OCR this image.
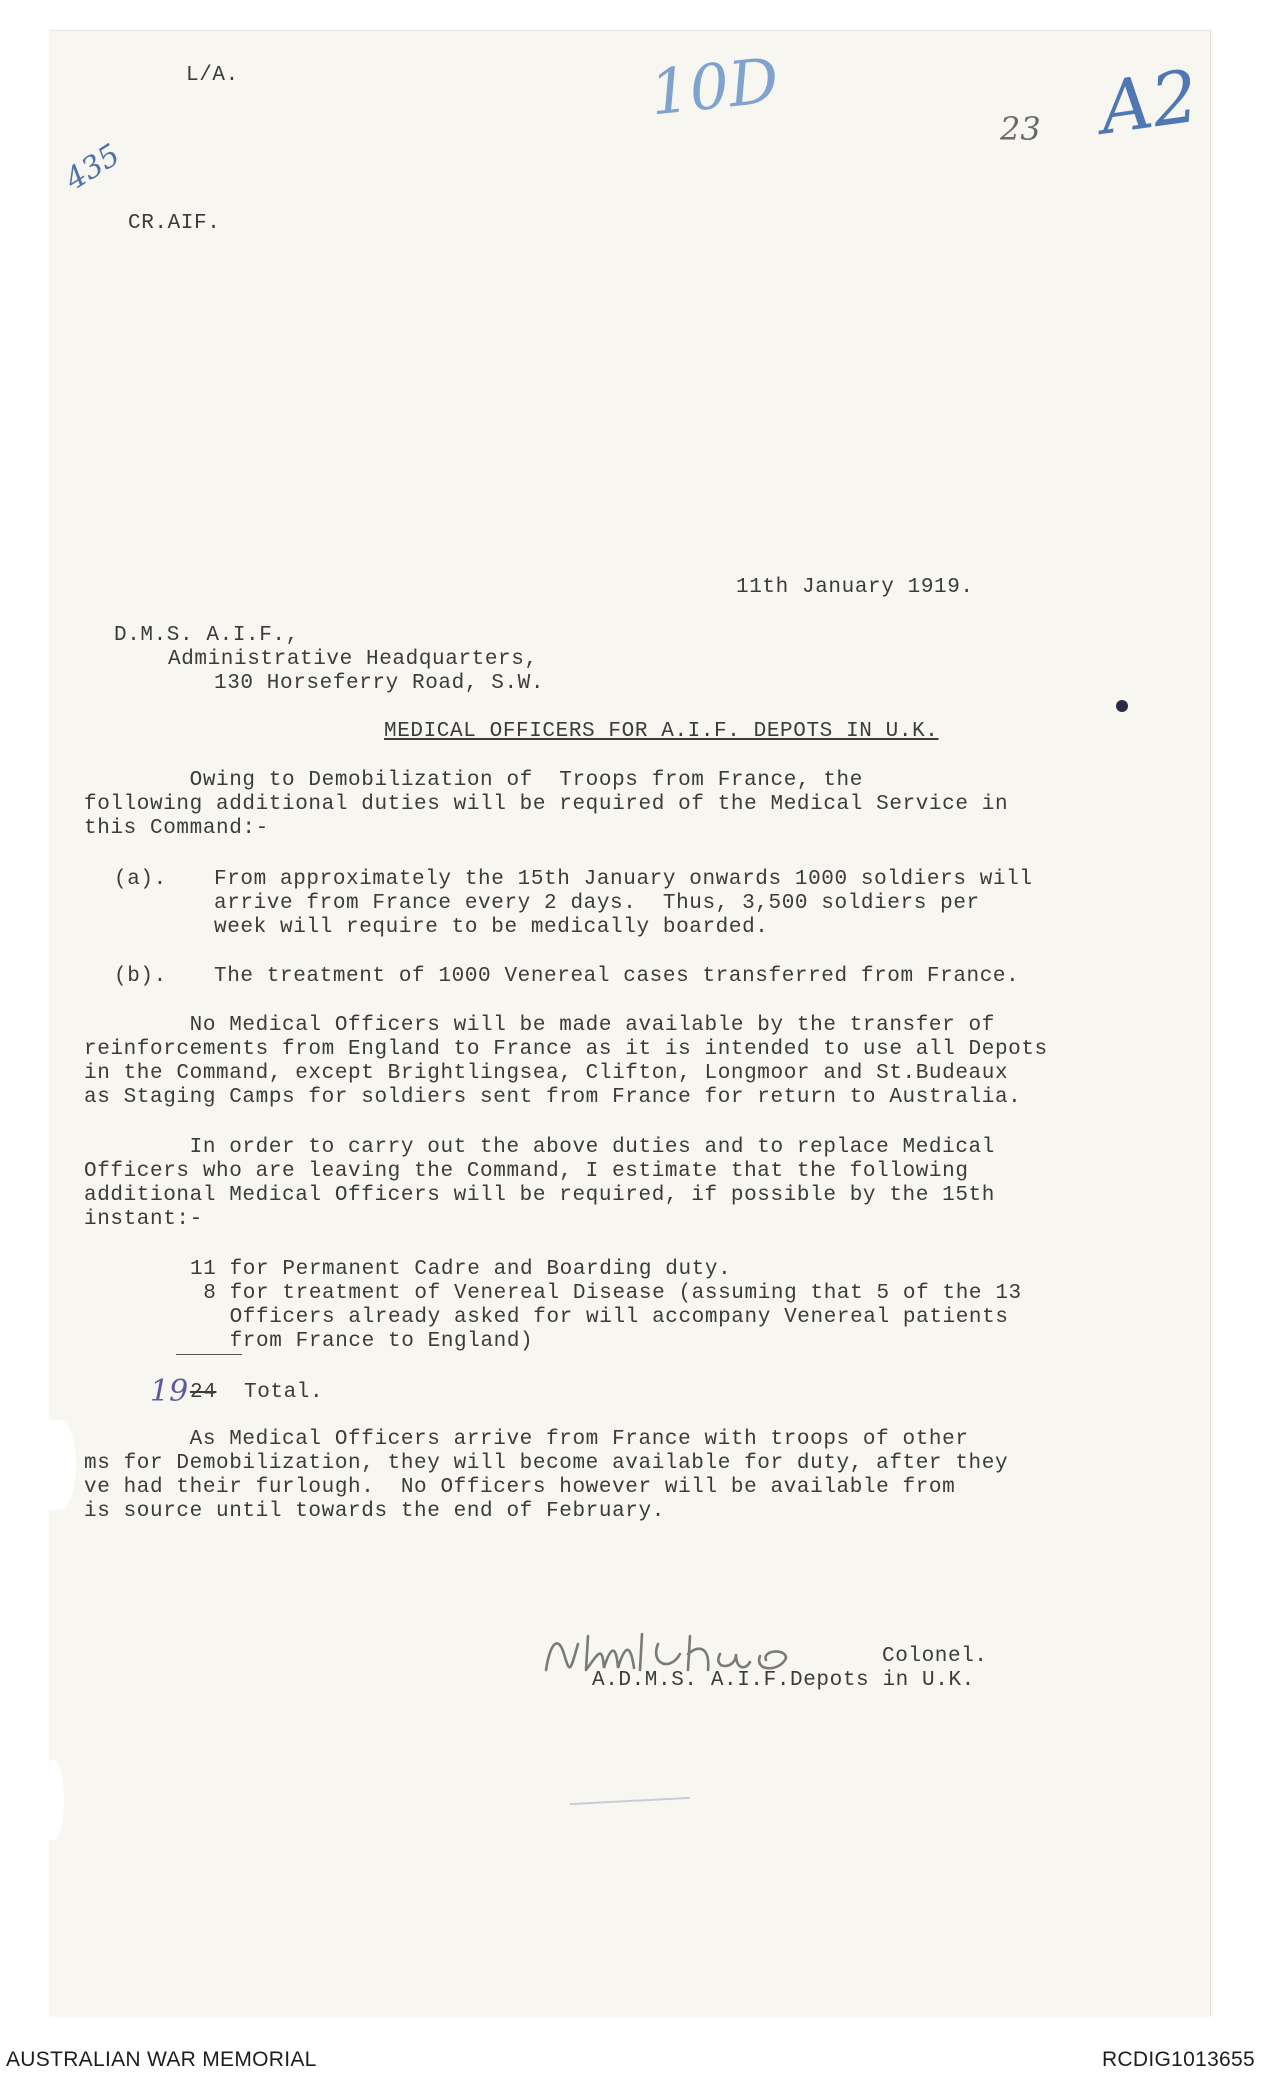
L/A.
435
10D	23 A2
CR.AIF.
11th January 1919.
D.M.S. A.I.F.,
Administrative Headquarters,
130 Horseferry Road, S.W.
MEDICAL OFFICERS FOR A.I.F. DEPOTS IN U.K.
Owing to Demobilization of  Troops from France, the
following additional duties will be required of the Medical Service in
this Command:-
(a). From approximately the 15th January onwards 1000 soldiers will
arrive from France every 2 days.  Thus, 3,500 soldiers per
week will require to be medically boarded.
(b). The treatment of 1000 Venereal cases transferred from France.
No Medical Officers will be made available by the transfer of
reinforcements from England to France as it is intended to use all Depots
in the Command, except Brightlingsea, Clifton, Longmoor and St.Budeaux
as Staging Camps for soldiers sent from France for return to Australia.
In order to carry out the above duties and to replace Medical
Officers who are leaving the Command, I estimate that the following
additional Medical Officers will be required, if possible by the 15th
instant:-
11 for Permanent Cadre and Boarding duty.
8 for treatment of Venereal Disease (assuming that 5 of the 13
Officers already asked for will accompany Venereal patients
from France to England)
19 24 Total.
As Medical Officers arrive from France with troops of other
ms for Demobilization, they will become available for duty, after they
ve had their furlough.  No Officers however will be available from
is source until towards the end of February.
Colonel.
A.D.M.S. A.I.F.Depots in U.K.
AUSTRALIAN WAR MEMORIAL	RCDIG1013655
